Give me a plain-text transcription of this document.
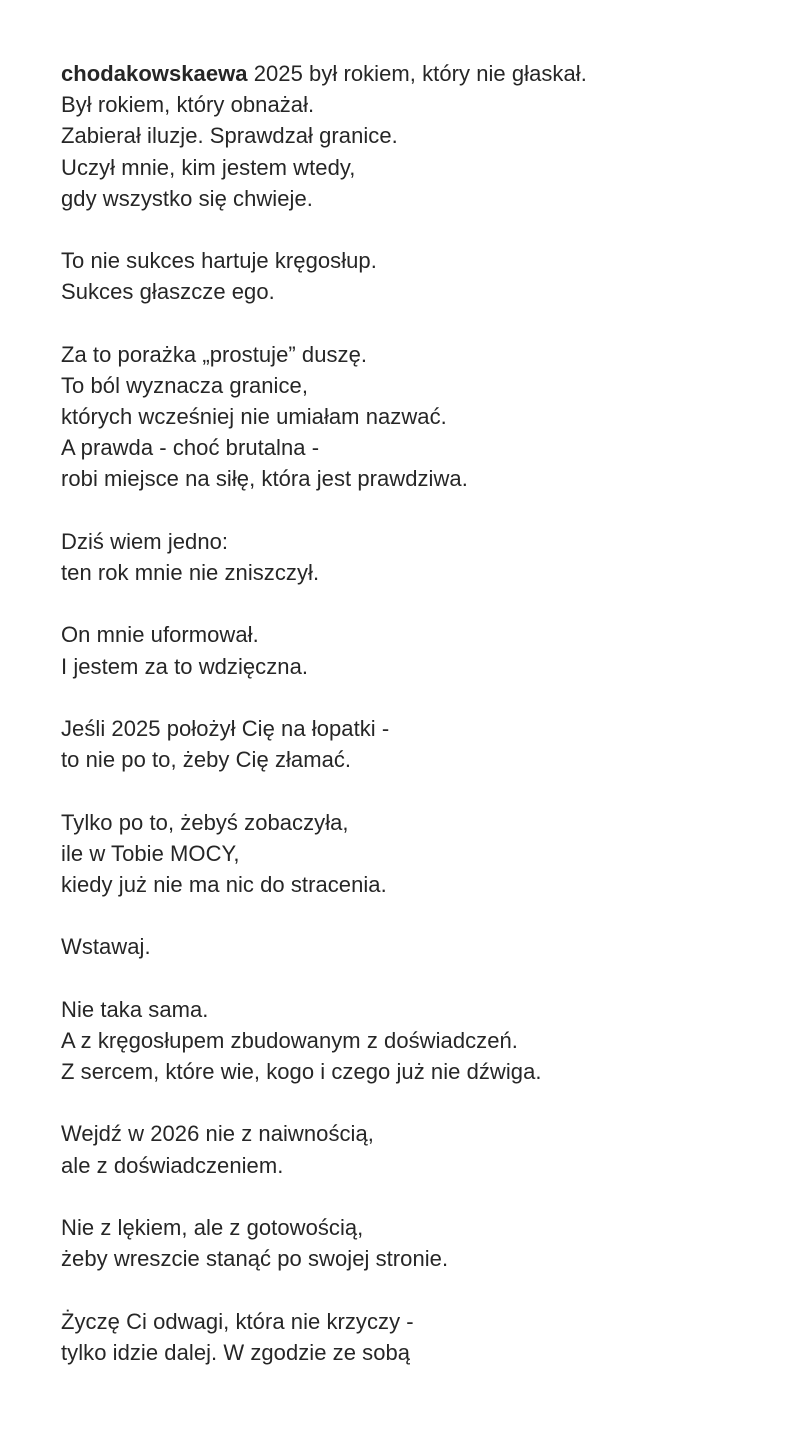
chodakowskaewa 2025 był rokiem, który nie głaskał.
Był rokiem, który obnażał.
Zabierał iluzje. Sprawdzał granice.
Uczył mnie, kim jestem wtedy,
gdy wszystko się chwieje.
To nie sukces hartuje kręgosłup.
Sukces głaszcze ego.
Za to porażka „prostuje” duszę.
To ból wyznacza granice,
których wcześniej nie umiałam nazwać.
A prawda - choć brutalna -
robi miejsce na siłę, która jest prawdziwa.
Dziś wiem jedno:
ten rok mnie nie zniszczył.
On mnie uformował.
I jestem za to wdzięczna.
Jeśli 2025 położył Cię na łopatki -
to nie po to, żeby Cię złamać.
Tylko po to, żebyś zobaczyła,
ile w Tobie MOCY,
kiedy już nie ma nic do stracenia.
Wstawaj.
Nie taka sama.
A z kręgosłupem zbudowanym z doświadczeń.
Z sercem, które wie, kogo i czego już nie dźwiga.
Wejdź w 2026 nie z naiwnością,
ale z doświadczeniem.
Nie z lękiem, ale z gotowością,
żeby wreszcie stanąć po swojej stronie.
Życzę Ci odwagi, która nie krzyczy -
tylko idzie dalej. W zgodzie ze sobą
